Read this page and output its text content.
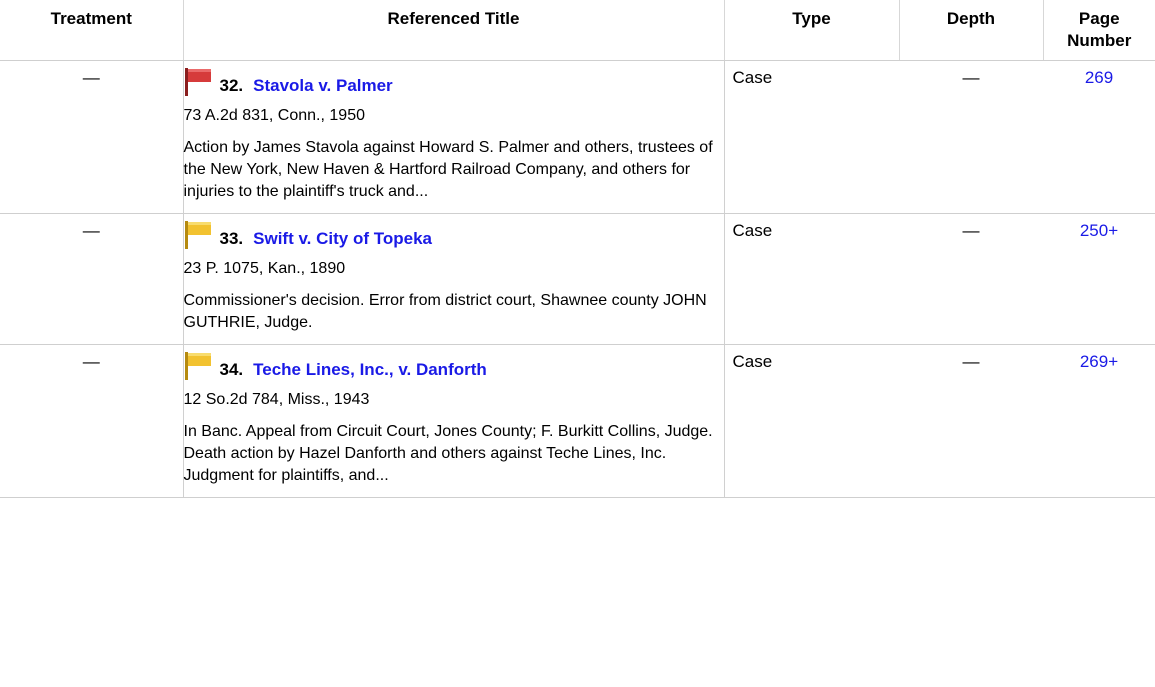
Treatment	Referenced Title	Type	Depth	Page
Number
—	32. Stavola v. Palmer
73 A.2d 831, Conn., 1950
Action by James Stavola against Howard S. Palmer and others, trustees of the New York, New Haven & Hartford Railroad Company, and others for injuries to the plaintiff's truck and...	Case	—	269
—	33. Swift v. City of Topeka
23 P. 1075, Kan., 1890
Commissioner's decision. Error from district court, Shawnee county JOHN GUTHRIE, Judge.	Case	—	250+
—	34. Teche Lines, Inc., v. Danforth
12 So.2d 784, Miss., 1943
In Banc. Appeal from Circuit Court, Jones County; F. Burkitt Collins, Judge. Death action by Hazel Danforth and others against Teche Lines, Inc. Judgment for plaintiffs, and...	Case	—	269+
